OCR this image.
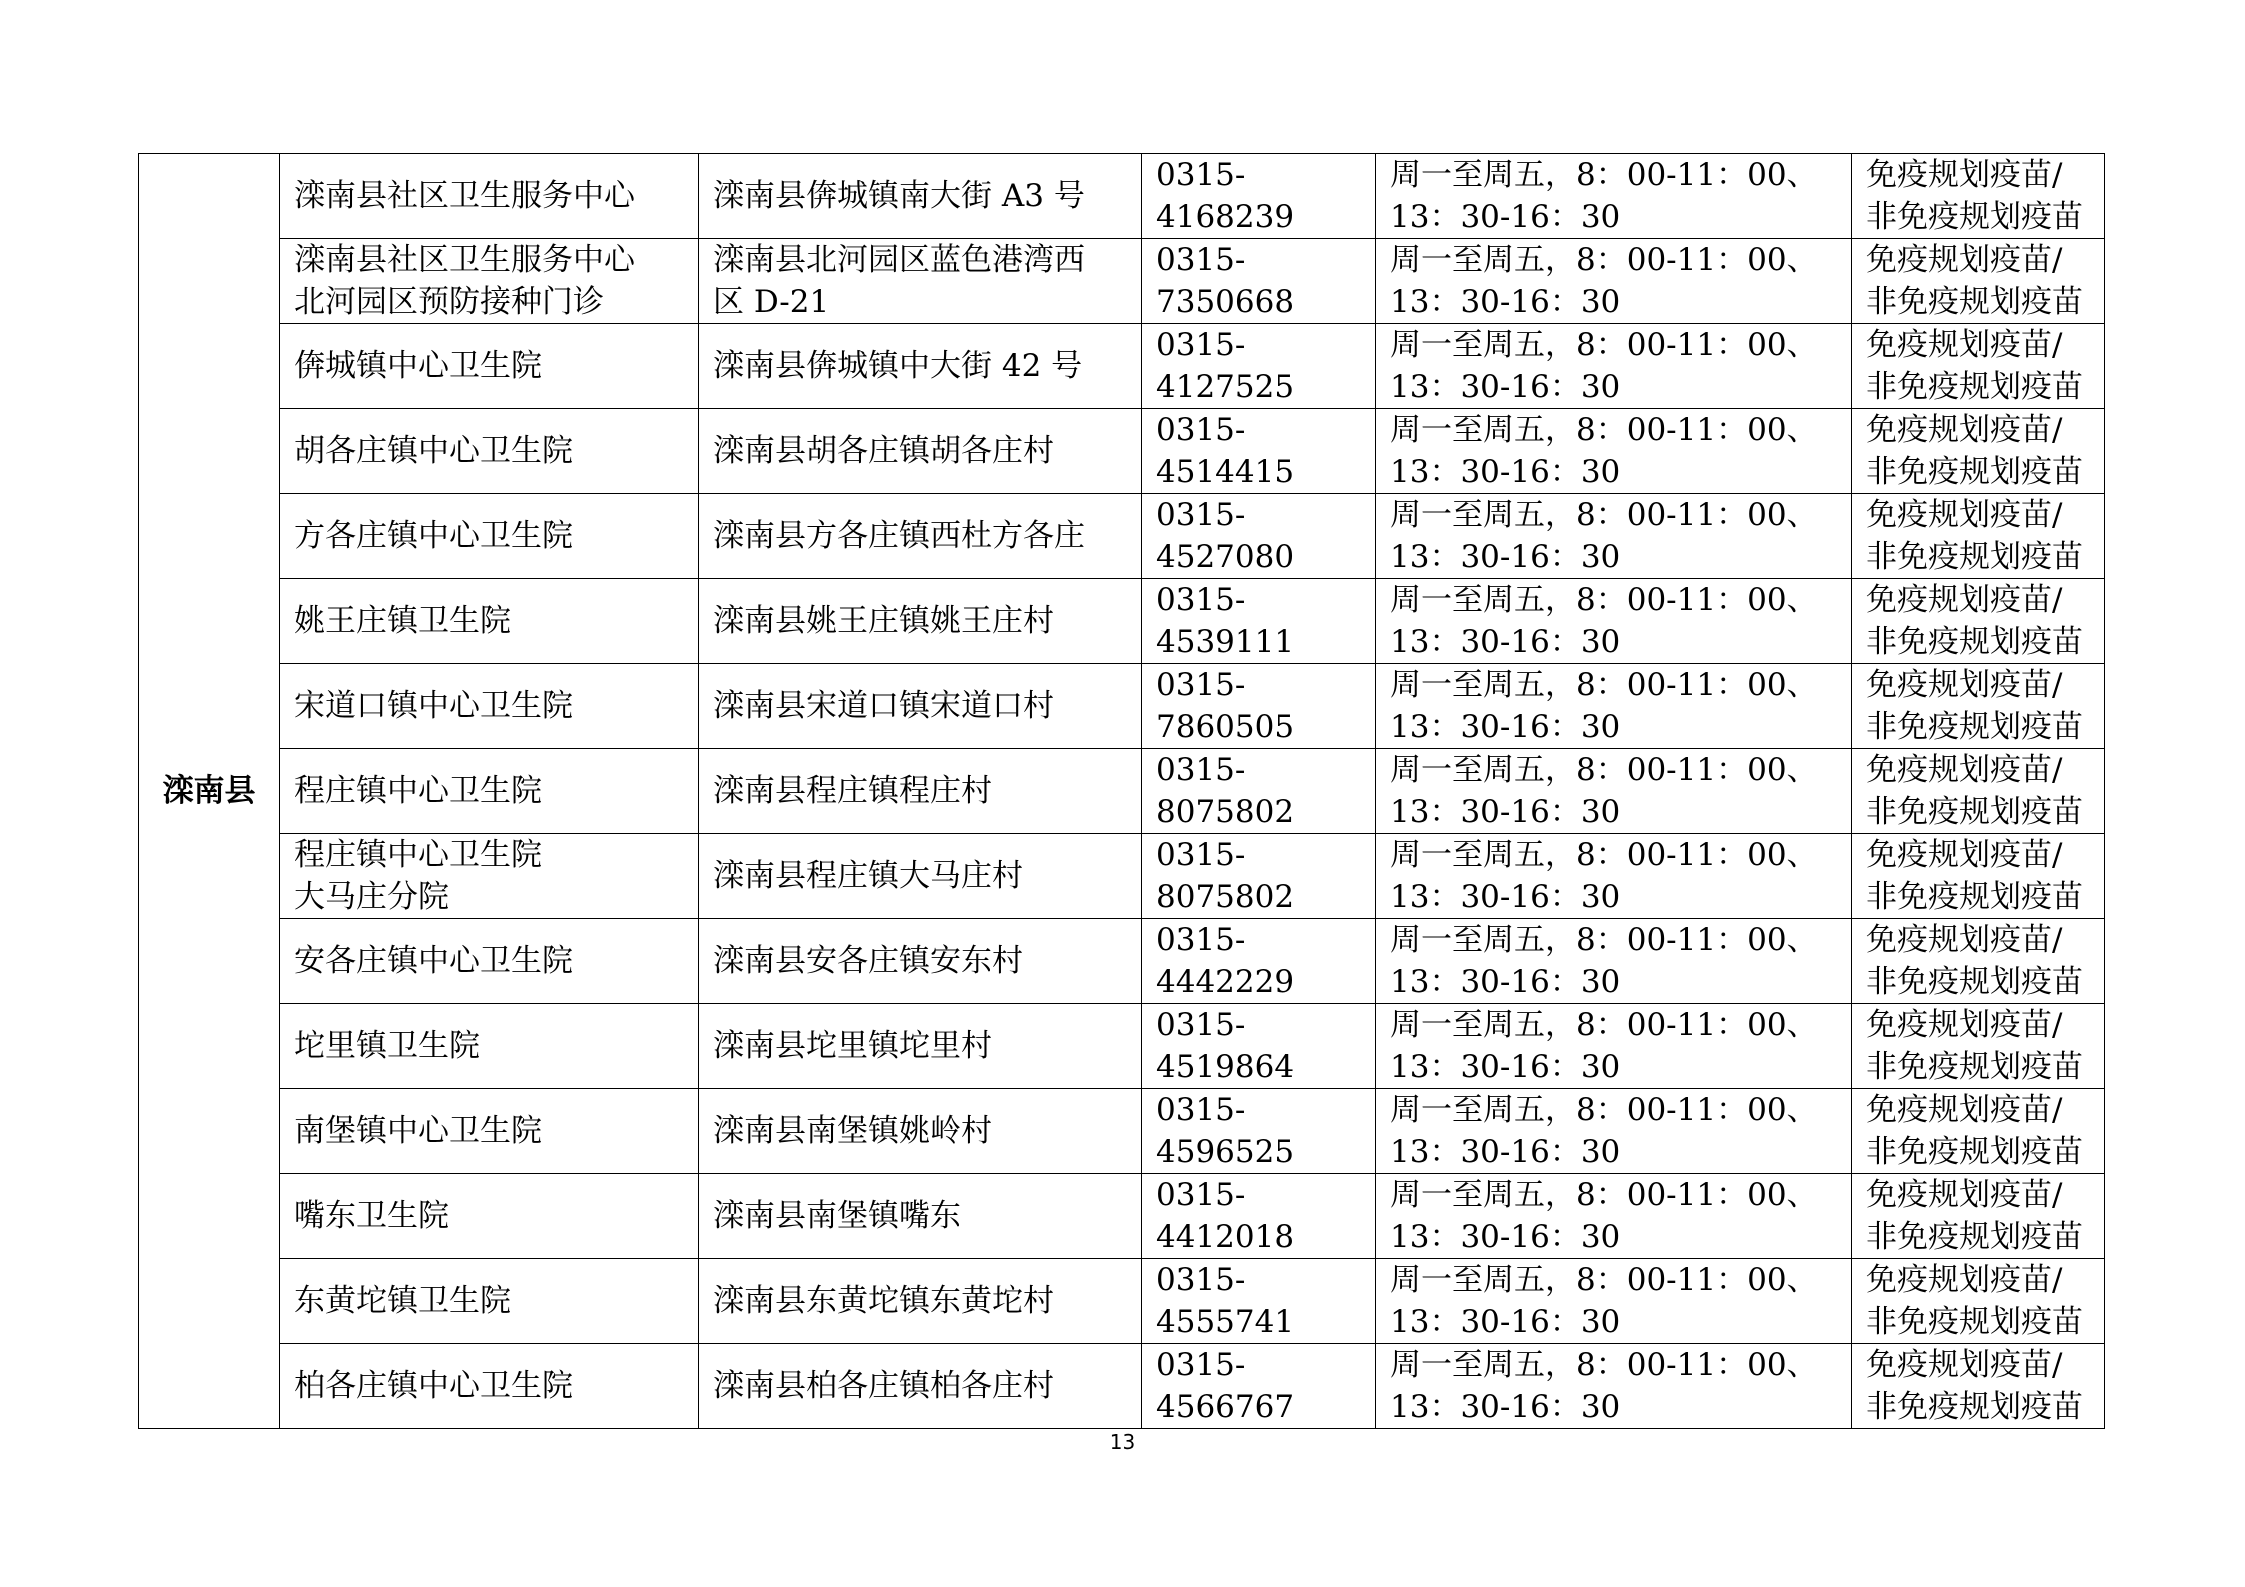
滦南县	滦南县社区卫生服务中心	滦南县倴城镇南大街 A3 号	0315-4168239	周一至周五，8：00-11：00、
13：30-16：30	免疫规划疫苗/
非免疫规划疫苗

	滦南县社区卫生服务中心
北河园区预防接种门诊	滦南县北河园区蓝色港湾西
区 D-21	0315-7350668	周一至周五，8：00-11：00、
13：30-16：30	免疫规划疫苗/
非免疫规划疫苗

	倴城镇中心卫生院	滦南县倴城镇中大街 42 号	0315-4127525	周一至周五，8：00-11：00、
13：30-16：30	免疫规划疫苗/
非免疫规划疫苗

	胡各庄镇中心卫生院	滦南县胡各庄镇胡各庄村	0315-4514415	周一至周五，8：00-11：00、
13：30-16：30	免疫规划疫苗/
非免疫规划疫苗

	方各庄镇中心卫生院	滦南县方各庄镇西杜方各庄	0315-4527080	周一至周五，8：00-11：00、
13：30-16：30	免疫规划疫苗/
非免疫规划疫苗

	姚王庄镇卫生院	滦南县姚王庄镇姚王庄村	0315-4539111	周一至周五，8：00-11：00、
13：30-16：30	免疫规划疫苗/
非免疫规划疫苗

	宋道口镇中心卫生院	滦南县宋道口镇宋道口村	0315-7860505	周一至周五，8：00-11：00、
13：30-16：30	免疫规划疫苗/
非免疫规划疫苗

	程庄镇中心卫生院	滦南县程庄镇程庄村	0315-8075802	周一至周五，8：00-11：00、
13：30-16：30	免疫规划疫苗/
非免疫规划疫苗

	程庄镇中心卫生院
大马庄分院	滦南县程庄镇大马庄村	0315-8075802	周一至周五，8：00-11：00、
13：30-16：30	免疫规划疫苗/
非免疫规划疫苗

	安各庄镇中心卫生院	滦南县安各庄镇安东村	0315-4442229	周一至周五，8：00-11：00、
13：30-16：30	免疫规划疫苗/
非免疫规划疫苗

	坨里镇卫生院	滦南县坨里镇坨里村	0315-4519864	周一至周五，8：00-11：00、
13：30-16：30	免疫规划疫苗/
非免疫规划疫苗

	南堡镇中心卫生院	滦南县南堡镇姚岭村	0315-4596525	周一至周五，8：00-11：00、
13：30-16：30	免疫规划疫苗/
非免疫规划疫苗

	嘴东卫生院	滦南县南堡镇嘴东	0315-4412018	周一至周五，8：00-11：00、
13：30-16：30	免疫规划疫苗/
非免疫规划疫苗

	东黄坨镇卫生院	滦南县东黄坨镇东黄坨村	0315-4555741	周一至周五，8：00-11：00、
13：30-16：30	免疫规划疫苗/
非免疫规划疫苗

	柏各庄镇中心卫生院	滦南县柏各庄镇柏各庄村	0315-4566767	周一至周五，8：00-11：00、
13：30-16：30	免疫规划疫苗/
非免疫规划疫苗
13
